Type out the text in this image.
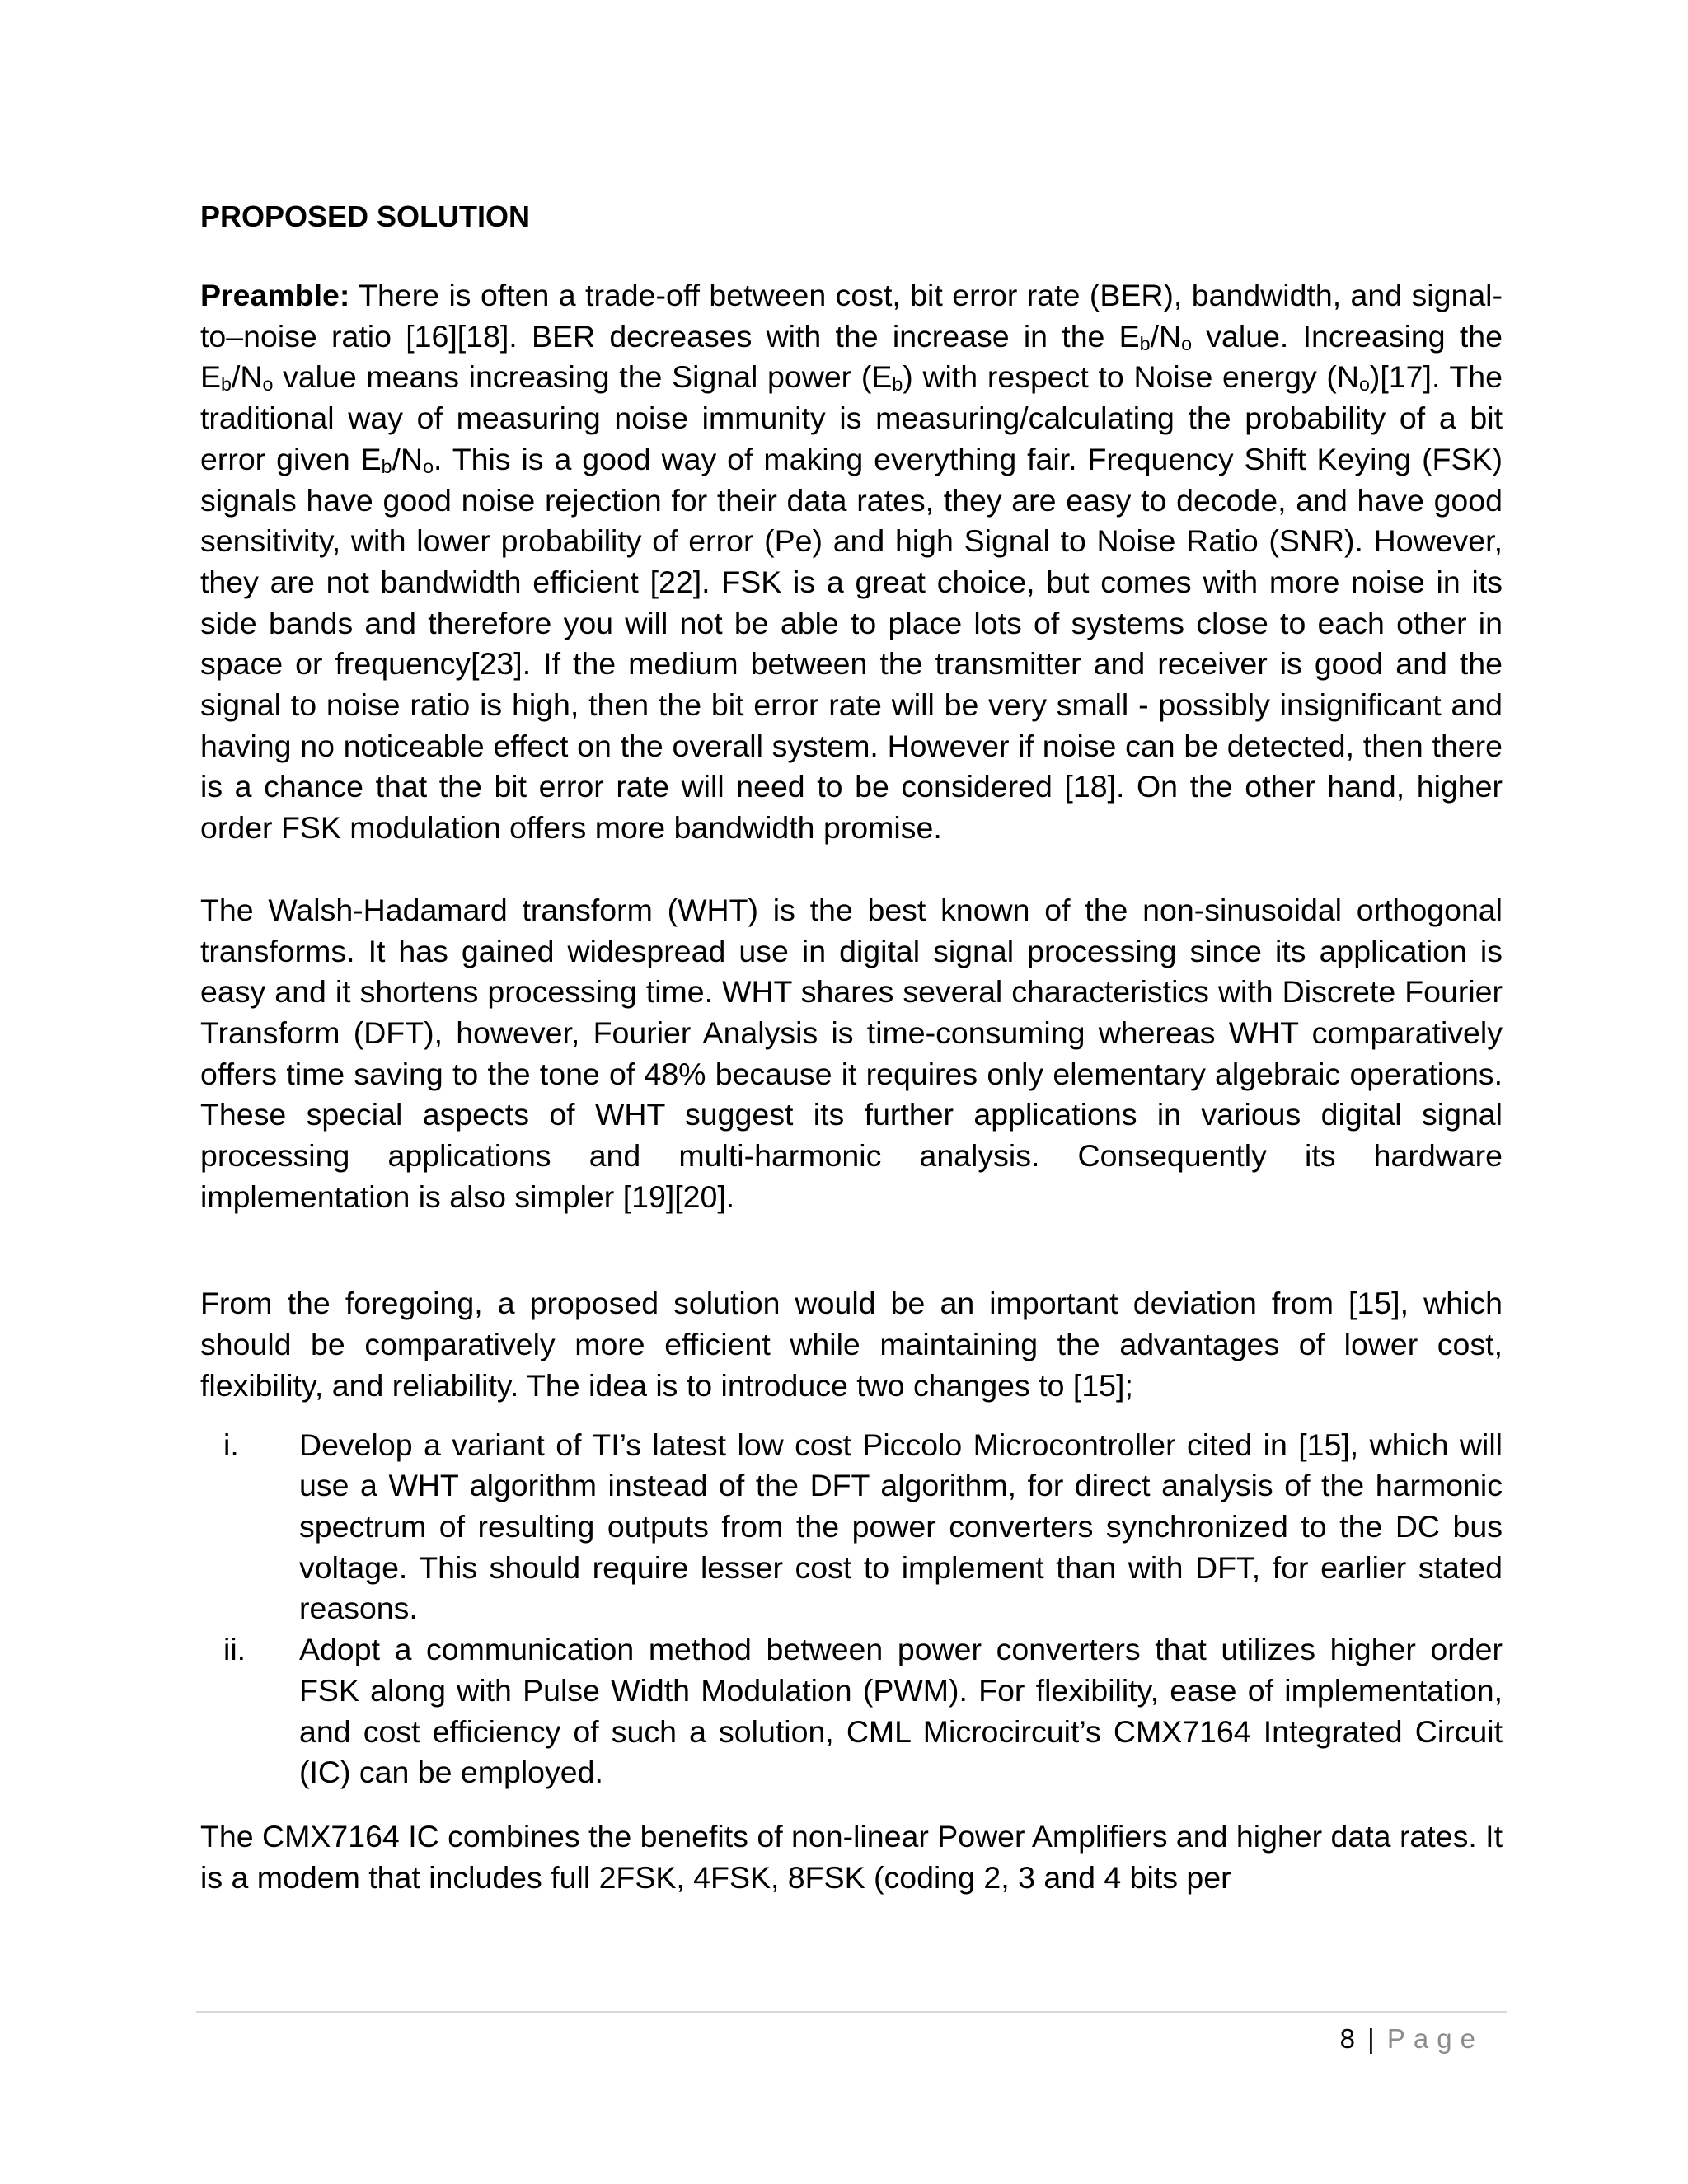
PROPOSED SOLUTION

Preamble: There is often a trade-off between cost, bit error rate (BER), bandwidth, and signal-to–noise ratio [16][18]. BER decreases with the increase in the $E_b/N_o$ value. Increasing the $E_b/N_o$ value means increasing the Signal power $(E_b)$ with respect to Noise energy $(N_o)[17]$. The traditional way of measuring noise immunity is measuring/calculating the probability of a bit error given $E_b/N_o$. This is a good way of making everything fair. Frequency Shift Keying (FSK) signals have good noise rejection for their data rates, they are easy to decode, and have good sensitivity, with lower probability of error (Pe) and high Signal to Noise Ratio (SNR). However, they are not bandwidth efficient [22]. FSK is a great choice, but comes with more noise in its side bands and therefore you will not be able to place lots of systems close to each other in space or frequency[23]. If the medium between the transmitter and receiver is good and the signal to noise ratio is high, then the bit error rate will be very small - possibly insignificant and having no noticeable effect on the overall system. However if noise can be detected, then there is a chance that the bit error rate will need to be considered [18]. On the other hand, higher order FSK modulation offers more bandwidth promise.

The Walsh-Hadamard transform (WHT) is the best known of the non-sinusoidal orthogonal transforms. It has gained widespread use in digital signal processing since its application is easy and it shortens processing time. WHT shares several characteristics with Discrete Fourier Transform (DFT), however, Fourier Analysis is time-consuming whereas WHT comparatively offers time saving to the tone of 48% because it requires only elementary algebraic operations. These special aspects of WHT suggest its further applications in various digital signal processing applications and multi-harmonic analysis. Consequently its hardware implementation is also simpler [19][20].

From the foregoing, a proposed solution would be an important deviation from [15], which should be comparatively more efficient while maintaining the advantages of lower cost, flexibility, and reliability. The idea is to introduce two changes to [15];

i.	Develop a variant of TI’s latest low cost Piccolo Microcontroller cited in [15], which will use a WHT algorithm instead of the DFT algorithm, for direct analysis of the harmonic spectrum of resulting outputs from the power converters synchronized to the DC bus voltage. This should require lesser cost to implement than with DFT, for earlier stated reasons.
ii.	Adopt a communication method between power converters that utilizes higher order FSK along with Pulse Width Modulation (PWM). For flexibility, ease of implementation, and cost efficiency of such a solution, CML Microcircuit’s CMX7164 Integrated Circuit (IC) can be employed.

The CMX7164 IC combines the benefits of non-linear Power Amplifiers and higher data rates. It is a modem that includes full 2FSK, 4FSK, 8FSK (coding 2, 3 and 4 bits per

8 | Page
